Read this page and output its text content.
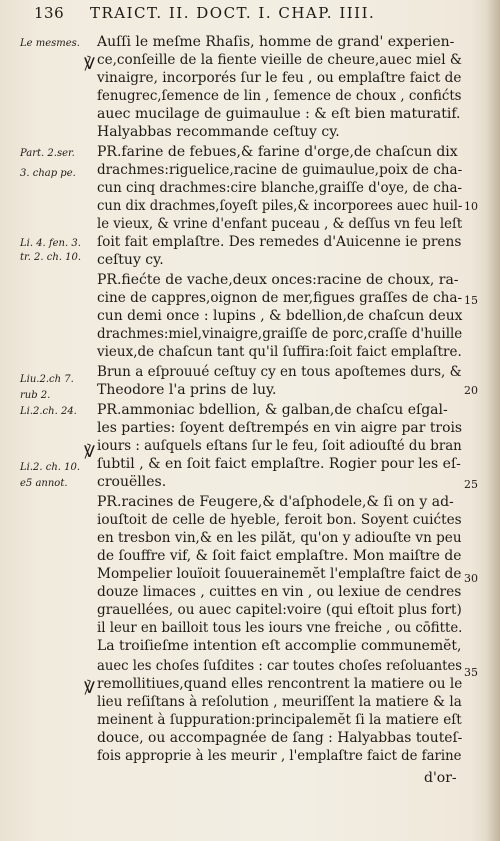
136 TRAICT. II. DOCT. I. CHAP. IIII.
Le mesmes.
Part. 2.ser.
3. chap pe.
Li. 4. fen. 3.
tr. 2. ch. 10.
Liu.2.ch 7.
rub 2.
Li.2.ch. 24.
Li.2. ch. 10.
e5 annot.
℣
℣
℣
10
15
20
25
30
35
Auſſi le meſme Rhaſis, homme de grand' experien-
ce,conſeille de la fiente vieille de cheure,auec miel &
vinaigre, incorporés ſur le feu , ou emplaſtre faict de
fenugrec,ſemence de lin , ſemence de choux , confićts
auec mucilage de guimaulue : & eſt bien maturatif.
Halyabbas recommande ceſtuy cy.
PR.farine de febues,& farine d'orge,de chaſcun dix
drachmes:riguelice,racine de guimaulue,poix de cha-
cun cinq drachmes:cire blanche,graiſſe d'oye, de cha-
cun dix drachmes,ſoyeſt piles,& incorporees auec huil-
le vieux, & vrine d'enfant puceau , & deſſus vn feu leſt
ſoit fait emplaſtre. Des remedes d'Auicenne ie prens
ceſtuy cy.
PR.fiećte de vache,deux onces:racine de choux, ra-
cine de cappres,oignon de mer,figues graſſes de cha-
cun demi once : lupins , & bdellion,de chaſcun deux
drachmes:miel,vinaigre,graiſſe de porc,craſſe d'huille
vieux,de chaſcun tant qu'il ſuffira:ſoit faict emplaſtre.
Brun a eſprouué ceſtuy cy en tous apoſtemes durs, &
Theodore l'a prins de luy.
PR.ammoniac bdellion, & galban,de chaſcu eſgal-
les parties: ſoyent deſtrempés en vin aigre par trois
iours : auſquels eſtans ſur le feu, ſoit adiouſté du bran
ſubtil , & en ſoit faict emplaſtre. Rogier pour les eſ-
crouëlles.
PR.racines de Feugere,& d'aſphodele,& ſi on y ad-
iouſtoit de celle de hyeble, feroit bon. Soyent cuićtes
en tresbon vin,& en les pilăt, qu'on y adiouſte vn peu
de ſouffre vif, & ſoit faict emplaſtre. Mon maiſtre de
Mompelier louïoit ſouuerainemĕt l'emplaſtre faict de
douze limaces , cuittes en vin , ou lexiue de cendres
grauellées, ou auec capitel:voire (qui eſtoit plus fort)
il leur en bailloit tous les iours vne freiche , ou cōfitte.
La troiſieſme intention eſt accomplie communemĕt,
auec les choſes ſuſdites : car toutes choſes reſoluantes
remollitiues,quand elles rencontrent la matiere ou le
lieu reſiſtans à reſolution , meuriſſent la matiere & la
meinent à ſuppuration:principalemĕt ſi la matiere eſt
douce, ou accompagnée de ſang : Halyabbas touteſ-
fois approprie à les meurir , l'emplaſtre faict de farine
d'or-
